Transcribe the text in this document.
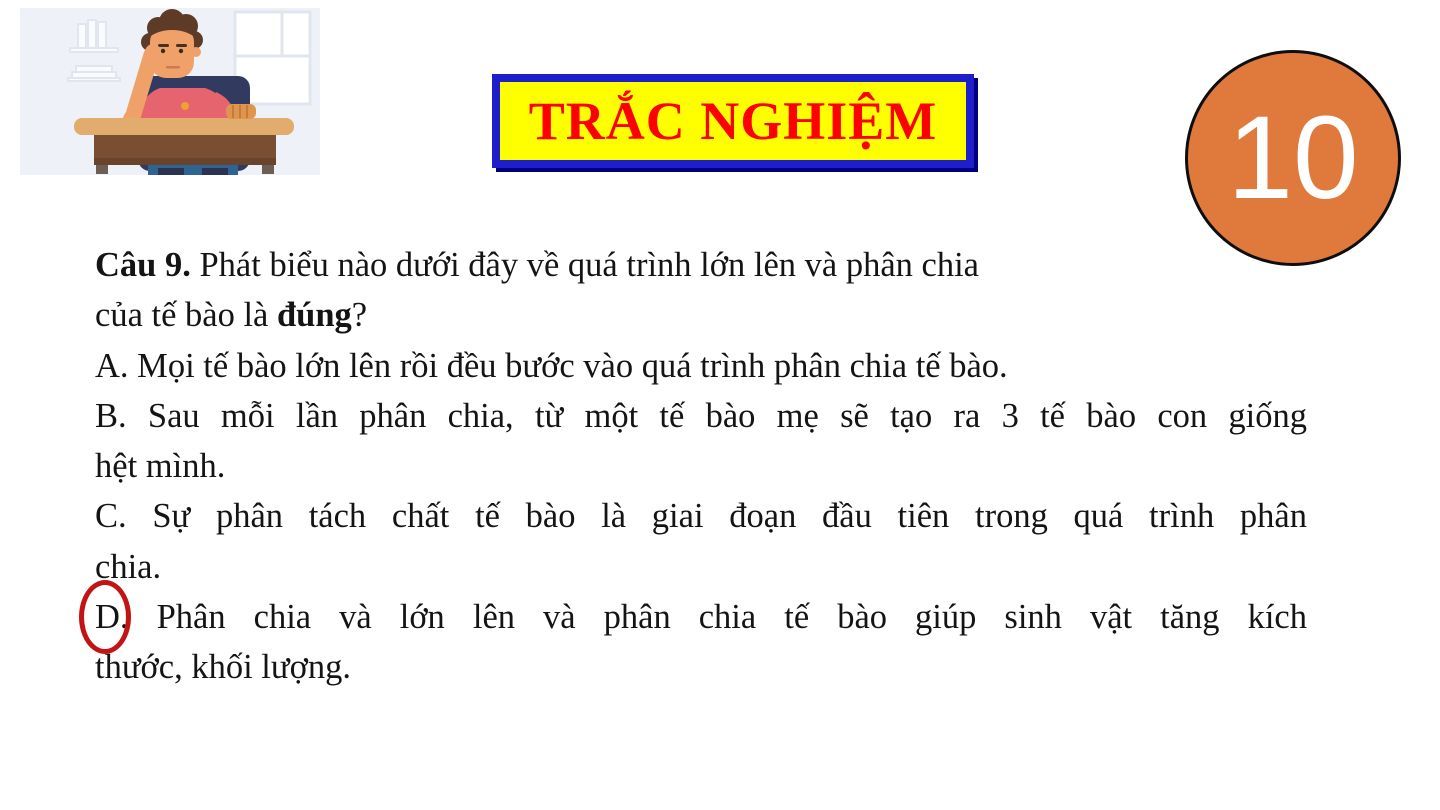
TRẮC NGHIỆM 10
Câu 9. Phát biểu nào dưới đây về quá trình lớn lên và phân chia
của tế bào là đúng?
A. Mọi tế bào lớn lên rồi đều bước vào quá trình phân chia tế bào.
B. Sau mỗi lần phân chia, từ một tế bào mẹ sẽ tạo ra 3 tế bào con giống
hệt mình.
C. Sự phân tách chất tế bào là giai đoạn đầu tiên trong quá trình phân
chia.
D.
Phân chia và lớn lên và phân chia tế bào giúp sinh vật tăng kích
thước, khối lượng.
